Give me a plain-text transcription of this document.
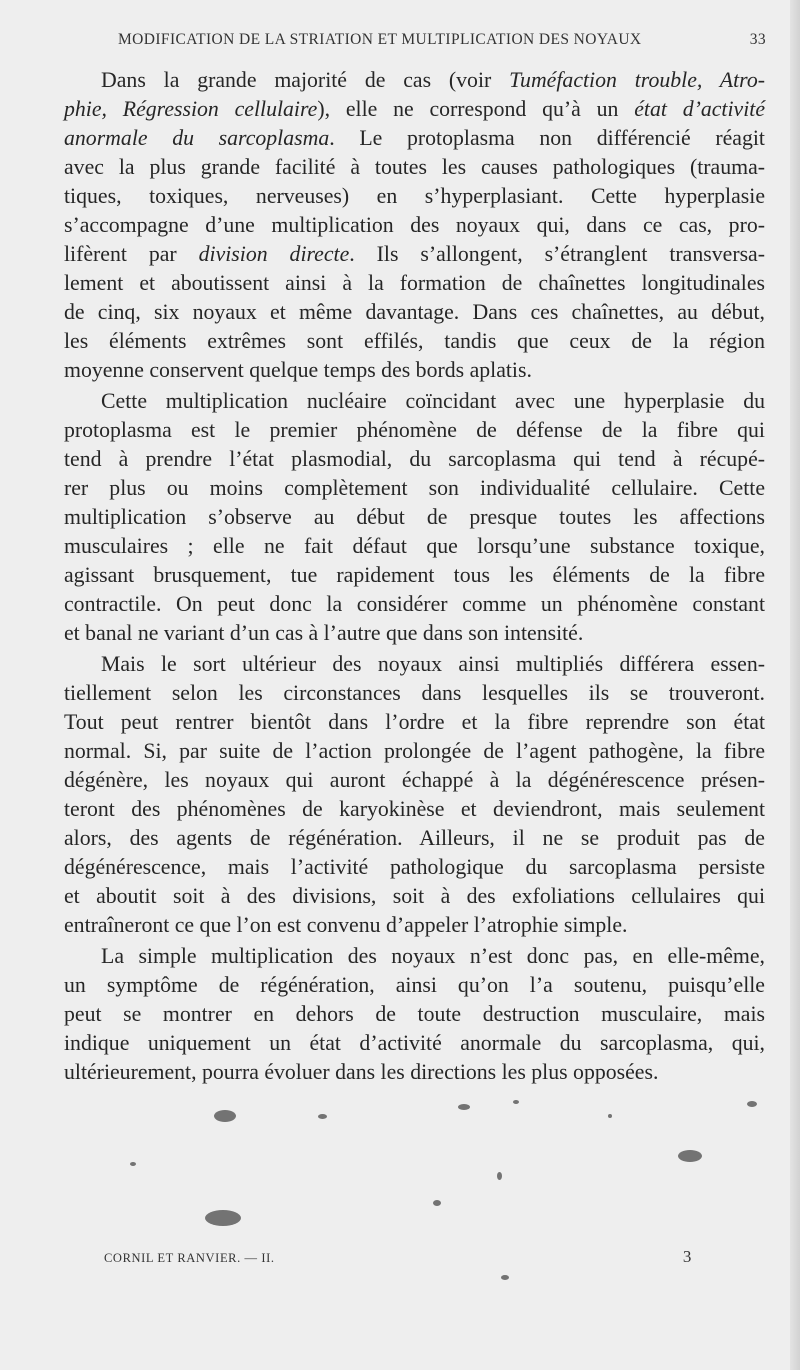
MODIFICATION DE LA STRIATION ET MULTIPLICATION DES NOYAUX	33
Dans la grande majorité de cas (voir Tuméfaction trouble, Atro-
phie, Régression cellulaire), elle ne correspond qu’à un état d’activité
anormale du sarcoplasma. Le protoplasma non différencié réagit
avec la plus grande facilité à toutes les causes pathologiques (trauma-
tiques, toxiques, nerveuses) en s’hyperplasiant. Cette hyperplasie
s’accompagne d’une multiplication des noyaux qui, dans ce cas, pro-
lifèrent par division directe. Ils s’allongent, s’étranglent transversa-
lement et aboutissent ainsi à la formation de chaînettes longitudinales
de cinq, six noyaux et même davantage. Dans ces chaînettes, au début,
les éléments extrêmes sont effilés, tandis que ceux de la région
moyenne conservent quelque temps des bords aplatis.
Cette multiplication nucléaire coïncidant avec une hyperplasie du
protoplasma est le premier phénomène de défense de la fibre qui
tend à prendre l’état plasmodial, du sarcoplasma qui tend à récupé-
rer plus ou moins complètement son individualité cellulaire. Cette
multiplication s’observe au début de presque toutes les affections
musculaires ; elle ne fait défaut que lorsqu’une substance toxique,
agissant brusquement, tue rapidement tous les éléments de la fibre
contractile. On peut donc la considérer comme un phénomène constant
et banal ne variant d’un cas à l’autre que dans son intensité.
Mais le sort ultérieur des noyaux ainsi multipliés différera essen-
tiellement selon les circonstances dans lesquelles ils se trouveront.
Tout peut rentrer bientôt dans l’ordre et la fibre reprendre son état
normal. Si, par suite de l’action prolongée de l’agent pathogène, la fibre
dégénère, les noyaux qui auront échappé à la dégénérescence présen-
teront des phénomènes de karyokinèse et deviendront, mais seulement
alors, des agents de régénération. Ailleurs, il ne se produit pas de
dégénérescence, mais l’activité pathologique du sarcoplasma persiste
et aboutit soit à des divisions, soit à des exfoliations cellulaires qui
entraîneront ce que l’on est convenu d’appeler l’atrophie simple.
La simple multiplication des noyaux n’est donc pas, en elle-même,
un symptôme de régénération, ainsi qu’on l’a soutenu, puisqu’elle
peut se montrer en dehors de toute destruction musculaire, mais
indique uniquement un état d’activité anormale du sarcoplasma, qui,
ultérieurement, pourra évoluer dans les directions les plus opposées.
CORNIL ET RANVIER. — II.	3
